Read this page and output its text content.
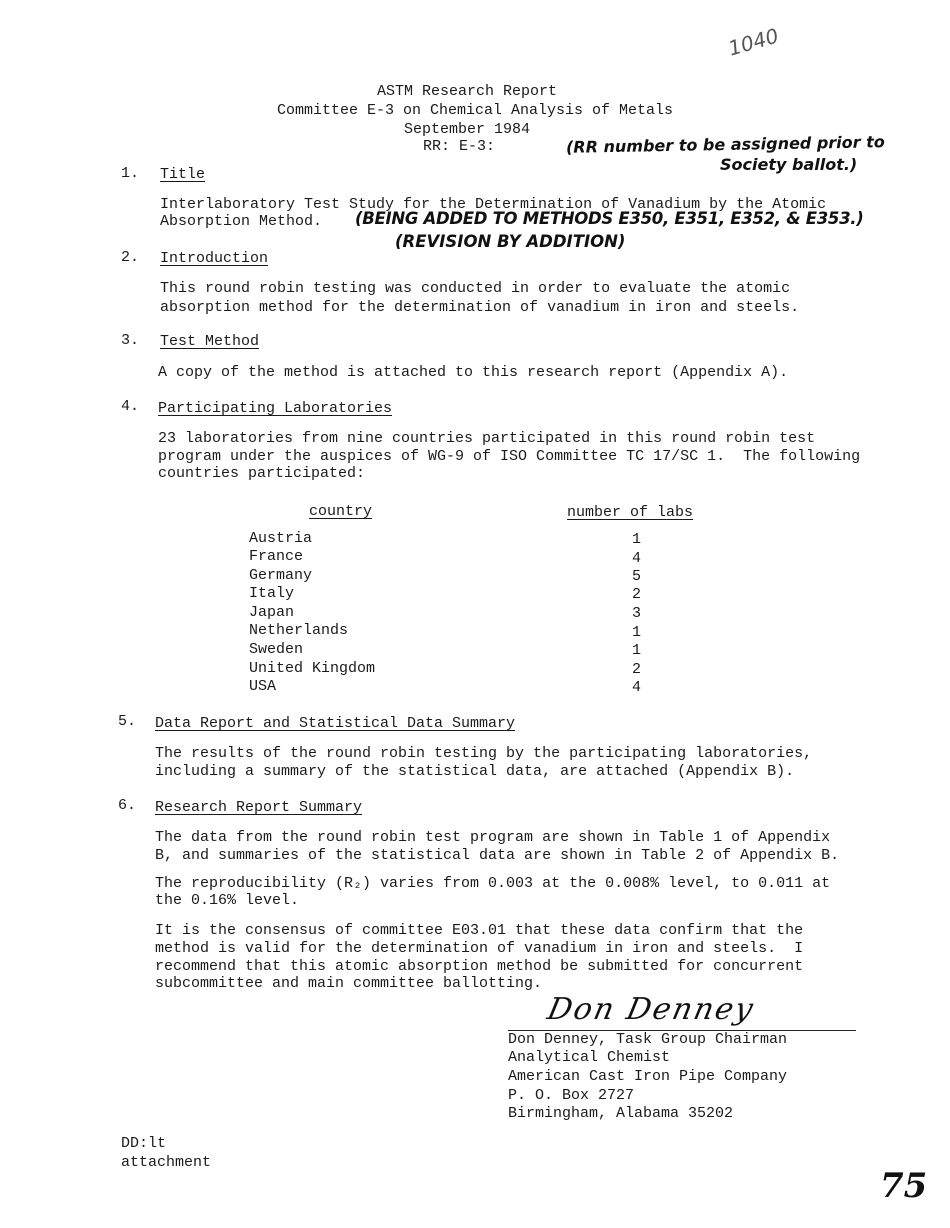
1040
ASTM Research Report
Committee E-3 on Chemical Analysis of Metals
September 1984
RR: E-3:	(RR number to be assigned prior to
Society ballot.)
1. Title
Interlaboratory Test Study for the Determination of Vanadium by the Atomic
Absorption Method. (BEING ADDED TO METHODS E350, E351, E352, & E353.)
(REVISION BY ADDITION)
2. Introduction
This round robin testing was conducted in order to evaluate the atomic
absorption method for the determination of vanadium in iron and steels.
3. Test Method
A copy of the method is attached to this research report (Appendix A).
4. Participating Laboratories
23 laboratories from nine countries participated in this round robin test
program under the auspices of WG-9 of ISO Committee TC 17/SC 1.  The following
countries participated:
country	number of labs
Austria	1
France	4
Germany	5
Italy	2
Japan	3
Netherlands	1
Sweden	1
United Kingdom	2
USA	4
5. Data Report and Statistical Data Summary
The results of the round robin testing by the participating laboratories,
including a summary of the statistical data, are attached (Appendix B).
6. Research Report Summary
The data from the round robin test program are shown in Table 1 of Appendix
B, and summaries of the statistical data are shown in Table 2 of Appendix B.
The reproducibility (R₂) varies from 0.003 at the 0.008% level, to 0.011 at
the 0.16% level.
It is the consensus of committee E03.01 that these data confirm that the
method is valid for the determination of vanadium in iron and steels.  I
recommend that this atomic absorption method be submitted for concurrent
subcommittee and main committee ballotting.
Don Denney
Don Denney, Task Group Chairman
Analytical Chemist
American Cast Iron Pipe Company
P. O. Box 2727
Birmingham, Alabama 35202
DD:lt
attachment
75
